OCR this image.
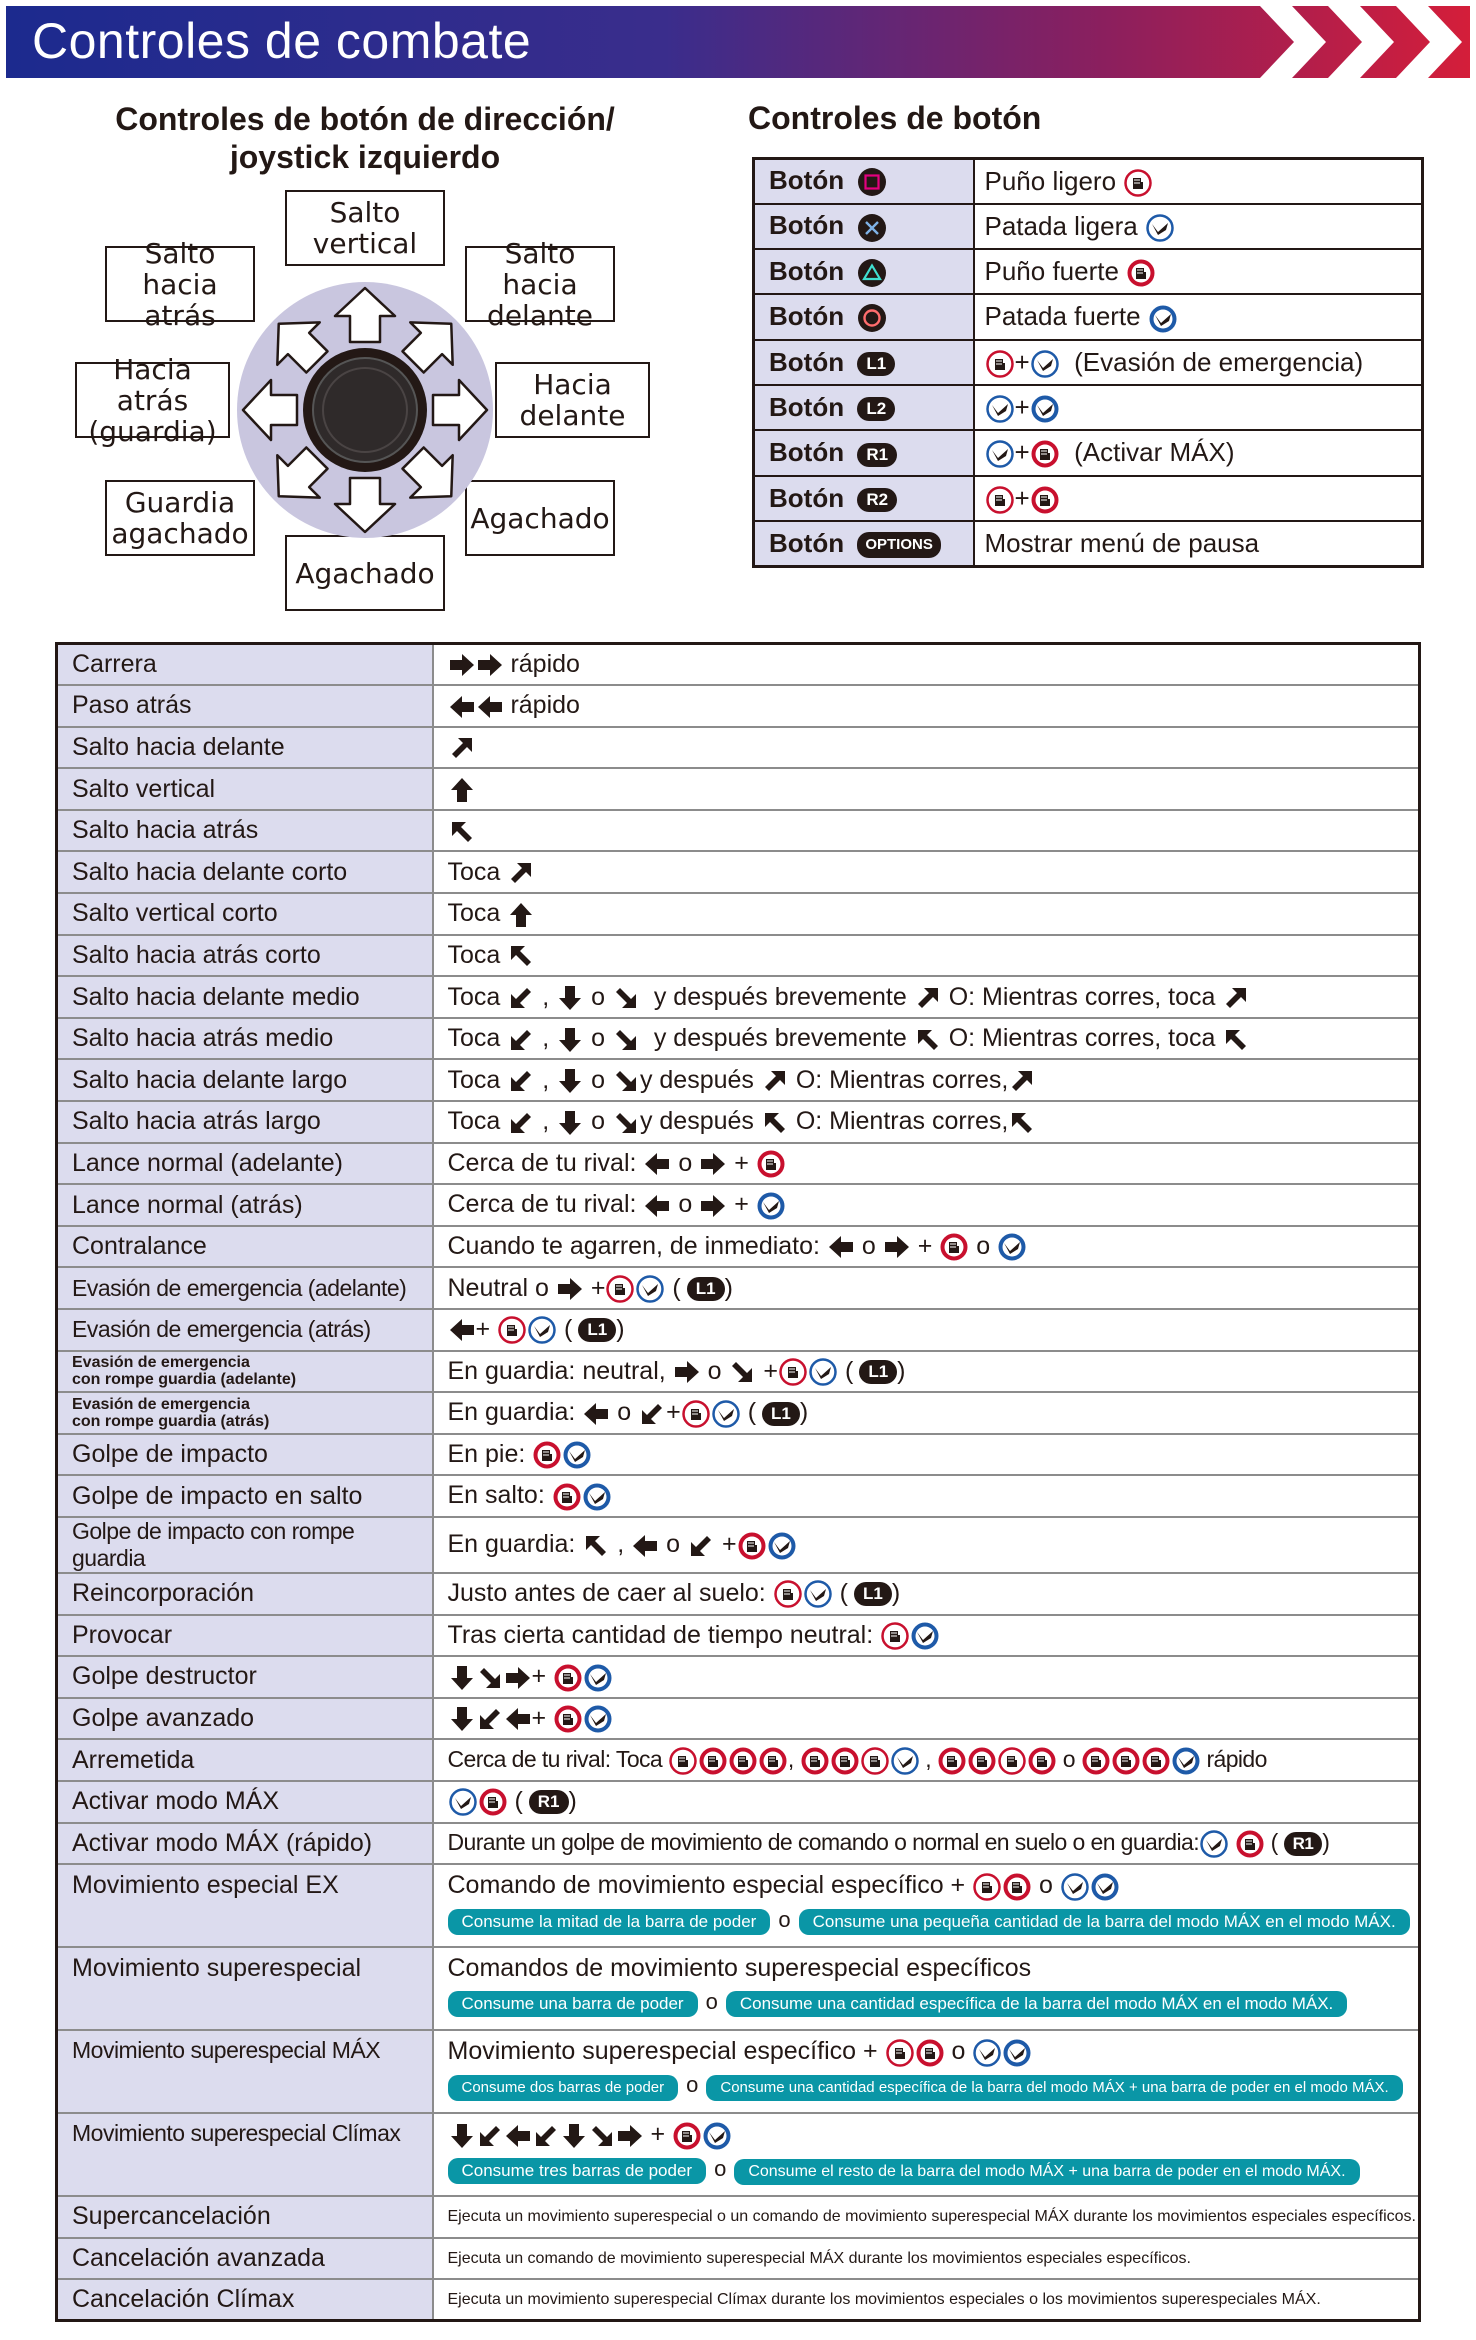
Controles de combate
Controles de botón de dirección/
joystick izquierdo
Salto
vertical
Salto hacia
atrás
Salto hacia
delante
Hacia atrás
(guardia)
Hacia
delante
Guardia
agachado	Agachado
Agachado
Controles de botón
Botón	Puño ligero
Botón	Patada ligera
Botón	Puño fuerte
Botón	Patada fuerte
Botón L1	+ (Evasión de emergencia)
Botón L2	+
Botón R1	+ (Activar MÁX)
Botón R2	+
Botón OPTIONS	Mostrar menú de pausa
Carrera	rápido
Paso atrás	rápido
Salto hacia delante	
Salto vertical	
Salto hacia atrás	
Salto hacia delante corto	Toca
Salto vertical corto	Toca
Salto hacia atrás corto	Toca
Salto hacia delante medio	Toca , o y después brevemente O: Mientras corres, toca
Salto hacia atrás medio	Toca , o y después brevemente O: Mientras corres, toca
Salto hacia delante largo	Toca , o y después O: Mientras corres,
Salto hacia atrás largo	Toca , o y después O: Mientras corres,
Lance normal (adelante)	Cerca de tu rival: o +
Lance normal (atrás)	Cerca de tu rival: o +
Contralance	Cuando te agarren, de inmediato: o + o
Evasión de emergencia (adelante)	Neutral o + ( L1 )
Evasión de emergencia (atrás)	+ ( L1 )

Evasión de emergencia
con rompe guardia (adelante)	En guardia: neutral, o + ( L1 )

Evasión de emergencia
con rompe guardia (atrás)	En guardia: o + ( L1 )
Golpe de impacto	En pie:
Golpe de impacto en salto	En salto:
Golpe de impacto con rompe guardia	En guardia: , o +
Reincorporación	Justo antes de caer al suelo: ( L1 )
Provocar	Tras cierta cantidad de tiempo neutral:
Golpe destructor	+
Golpe avanzado	+
Arremetida	Cerca de tu rival: Toca , , o rápido
Activar modo MÁX	( R1 )
Activar modo MÁX (rápido)	Durante un golpe de movimiento de comando o normal en suelo o en guardia: ( R1 )
Movimiento especial EX	Comando de movimiento especial específico + o
Consume la mitad de la barra de poder o Consume una pequeña cantidad de la barra del modo MÁX en el modo MÁX.

Movimiento superespecial	Comandos de movimiento superespecial específicos
Consume una barra de poder o Consume una cantidad específica de la barra del modo MÁX en el modo MÁX.

Movimiento superespecial MÁX	Movimiento superespecial específico + o
Consume dos barras de poder o Consume una cantidad específica de la barra del modo MÁX + una barra de poder en el modo MÁX.

Movimiento superespecial Clímax	+
Consume tres barras de poder o Consume el resto de la barra del modo MÁX + una barra de poder en el modo MÁX.

Supercancelación	Ejecuta un movimiento superespecial o un comando de movimiento superespecial MÁX durante los movimientos especiales específicos.
Cancelación avanzada	Ejecuta un comando de movimiento superespecial MÁX durante los movimientos especiales específicos.
Cancelación Clímax	Ejecuta un movimiento superespecial Clímax durante los movimientos especiales o los movimientos superespeciales MÁX.
